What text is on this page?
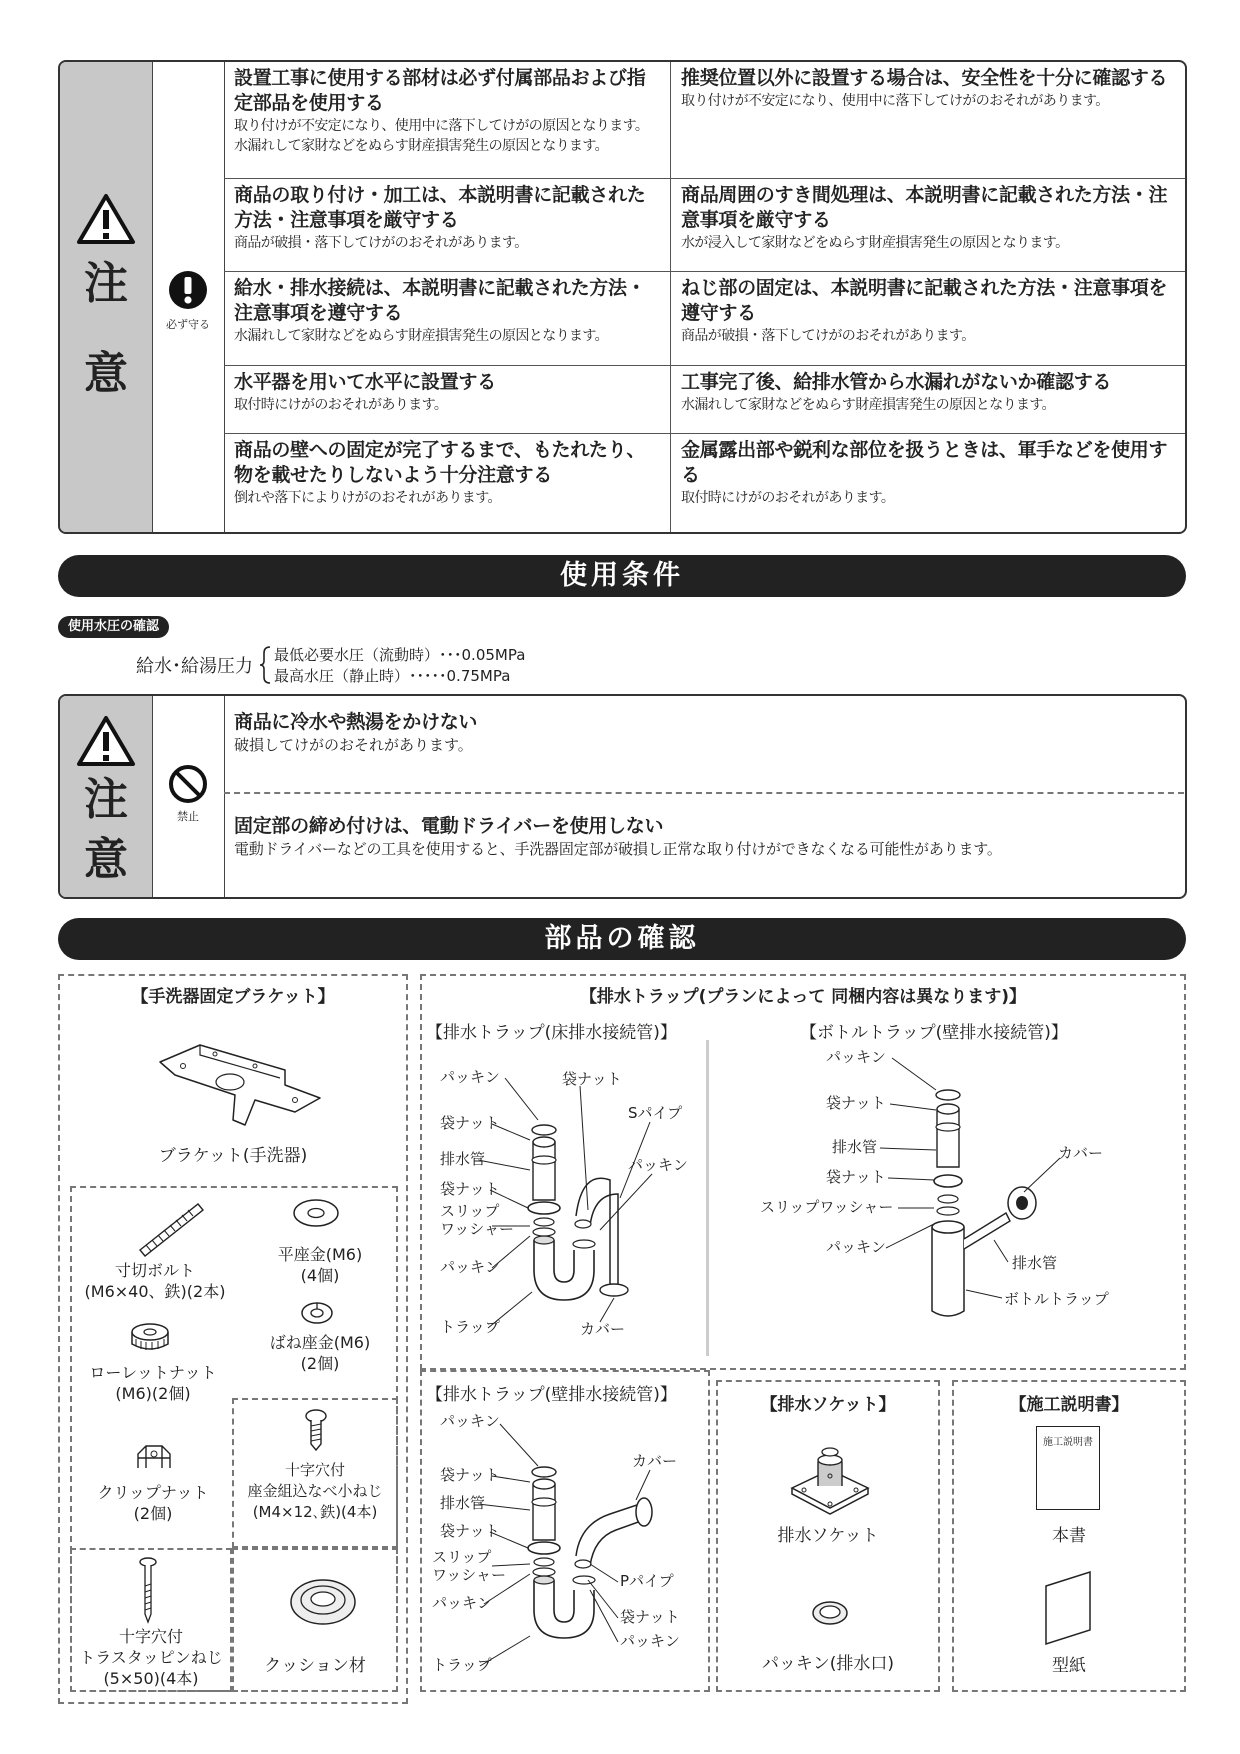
注
意
必ず守る
設置工事に使用する部材は必ず付属部品および指定部品を使用する
取り付けが不安定になり、使用中に落下してけがの原因となります。水漏れして家財などをぬらす財産損害発生の原因となります。
推奨位置以外に設置する場合は、安全性を十分に確認する
取り付けが不安定になり、使用中に落下してけがのおそれがあります。
商品の取り付け・加工は、本説明書に記載された方法・注意事項を厳守する
商品が破損・落下してけがのおそれがあります。
商品周囲のすき間処理は、本説明書に記載された方法・注意事項を厳守する
水が浸入して家財などをぬらす財産損害発生の原因となります。
給水・排水接続は、本説明書に記載された方法・注意事項を遵守する
水漏れして家財などをぬらす財産損害発生の原因となります。
ねじ部の固定は、本説明書に記載された方法・注意事項を遵守する
商品が破損・落下してけがのおそれがあります。
水平器を用いて水平に設置する
取付時にけがのおそれがあります。
工事完了後、給排水管から水漏れがないか確認する
水漏れして家財などをぬらす財産損害発生の原因となります。
商品の壁への固定が完了するまで、もたれたり、物を載せたりしないよう十分注意する
倒れや落下によりけがのおそれがあります。
金属露出部や鋭利な部位を扱うときは、軍手などを使用する
取付時にけがのおそれがあります。
使用条件
使用水圧の確認
給水･給湯圧力
最低必要水圧（流動時）･･･0.05MPa
最高水圧（静止時）･････0.75MPa
注
意
禁止
商品に冷水や熱湯をかけない
破損してけがのおそれがあります。
固定部の締め付けは、電動ドライバーを使用しない
電動ドライバーなどの工具を使用すると、手洗器固定部が破損し正常な取り付けができなくなる可能性があります。
部品の確認
【手洗器固定ブラケット】
ブラケット(手洗器)
寸切ボルト
(M6×40、鉄)(2本)
平座金(M6)
(4個)
ばね座金(M6)
(2個)
ローレットナット
(M6)(2個)
クリップナット
(2個)
十字穴付
座金組込なべ小ねじ
(M4×12､鉄)(4本)
十字穴付
トラスタッピンねじ
(5×50)(4本)
クッション材
【排水トラップ(プランによって 同梱内容は異なります)】
【排水トラップ(床排水接続管)】	【ボトルトラップ(壁排水接続管)】
パッキン
袋ナット
排水管
袋ナット
スリップ
ワッシャー
パッキン
トラップ
袋ナット
Sパイプ
パッキン
カバー
パッキン
袋ナット
排水管
袋ナット
スリップワッシャー
パッキン
カバー
排水管
ボトルトラップ
【排水トラップ(壁排水接続管)】
パッキン
袋ナット
排水管
袋ナット
スリップ
ワッシャー
パッキン
トラップ
カバー
Pパイプ
袋ナット
パッキン
【排水ソケット】
排水ソケット
パッキン(排水口)
【施工説明書】
施工説明書
本書
型紙
